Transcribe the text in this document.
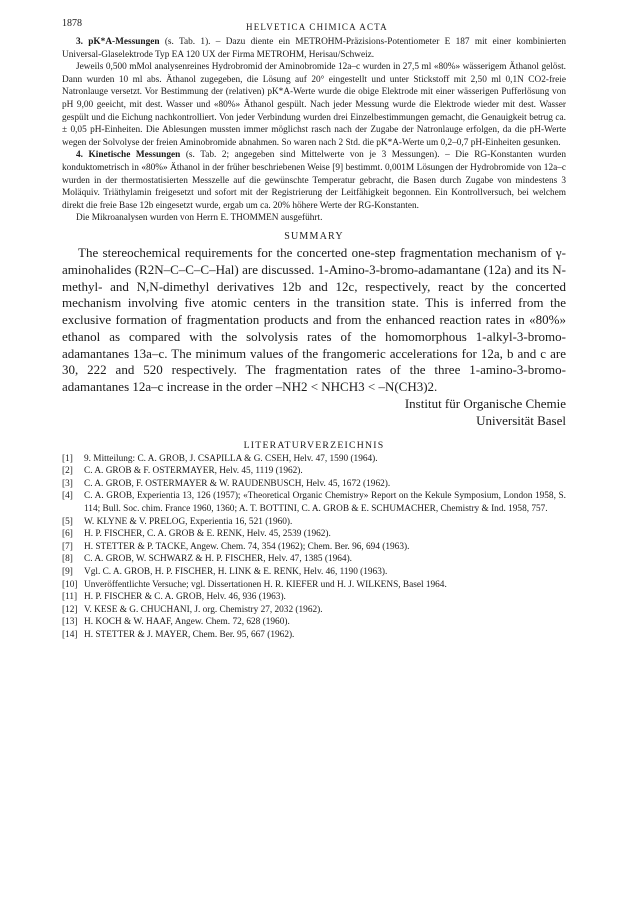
1878	HELVETICA CHIMICA ACTA

3. pK*A-Messungen (s. Tab. 1). – Dazu diente ein METROHM-Präzisions-Potentiometer E 187 mit einer kombinierten Universal-Glaselektrode Typ EA 120 UX der Firma METROHM, Herisau/Schweiz.

Jeweils 0,500 mMol analysenreines Hydrobromid der Aminobromide 12a–c wurden in 27,5 ml «80%» wässerigem Äthanol gelöst. Dann wurden 10 ml abs. Äthanol zugegeben, die Lösung auf 20° eingestellt und unter Stickstoff mit 2,50 ml 0,1N CO2-freie Natronlauge versetzt. Vor Bestimmung der (relativen) pK*A-Werte wurde die obige Elektrode mit einer wässerigen Pufferlösung von pH 9,00 geeicht, mit dest. Wasser und «80%» Äthanol gespült. Nach jeder Messung wurde die Elektrode wieder mit dest. Wasser gespült und die Eichung nachkontrolliert. Von jeder Verbindung wurden drei Einzelbestimmungen gemacht, die Genauigkeit betrug ca. ± 0,05 pH-Einheiten. Die Ablesungen mussten immer möglichst rasch nach der Zugabe der Natronlauge erfolgen, da die pH-Werte wegen der Solvolyse der freien Aminobromide abnahmen. So waren nach 2 Std. die pK*A-Werte um 0,2–0,7 pH-Einheiten gesunken.

4. Kinetische Messungen (s. Tab. 2; angegeben sind Mittelwerte von je 3 Messungen). – Die RG-Konstanten wurden konduktometrisch in «80%» Äthanol in der früher beschriebenen Weise [9] bestimmt. 0,001M Lösungen der Hydrobromide von 12a–c wurden in der thermostatisierten Messzelle auf die gewünschte Temperatur gebracht, die Basen durch Zugabe von mindestens 3 Moläquiv. Triäthylamin freigesetzt und sofort mit der Registrierung der Leitfähigkeit begonnen. Ein Kontrollversuch, bei welchem direkt die freie Base 12b eingesetzt wurde, ergab um ca. 20% höhere Werte der RG-Konstanten.

Die Mikroanalysen wurden von Herrn E. THOMMEN ausgeführt.

SUMMARY

The stereochemical requirements for the concerted one-step fragmentation mechanism of γ-aminohalides (R2N–C–C–C–Hal) are discussed. 1-Amino-3-bromo-adamantane (12a) and its N-methyl- and N,N-dimethyl derivatives 12b and 12c, respectively, react by the concerted mechanism involving five atomic centers in the transition state. This is inferred from the exclusive formation of fragmentation products and from the enhanced reaction rates in «80%» ethanol as compared with the solvolysis rates of the homomorphous 1-alkyl-3-bromo-adamantanes 13a–c. The minimum values of the frangomeric accelerations for 12a, b and c are 30, 222 and 520 respectively. The fragmentation rates of the three 1-amino-3-bromo-adamantanes 12a–c increase in the order –NH2 < NHCH3 < –N(CH3)2.

Institut für Organische Chemie

Universität Basel

LITERATURVERZEICHNIS
[1]	9. Mitteilung: C. A. GROB, J. CSAPILLA & G. CSEH, Helv. 47, 1590 (1964).
[2]	C. A. GROB & F. OSTERMAYER, Helv. 45, 1119 (1962).
[3]	C. A. GROB, F. OSTERMAYER & W. RAUDENBUSCH, Helv. 45, 1672 (1962).
[4]	C. A. GROB, Experientia 13, 126 (1957); «Theoretical Organic Chemistry» Report on the Kekule Symposium, London 1958, S. 114; Bull. Soc. chim. France 1960, 1360; A. T. BOTTINI, C. A. GROB & E. SCHUMACHER, Chemistry & Ind. 1958, 757.
[5]	W. KLYNE & V. PRELOG, Experientia 16, 521 (1960).
[6]	H. P. FISCHER, C. A. GROB & E. RENK, Helv. 45, 2539 (1962).
[7]	H. STETTER & P. TACKE, Angew. Chem. 74, 354 (1962); Chem. Ber. 96, 694 (1963).
[8]	C. A. GROB, W. SCHWARZ & H. P. FISCHER, Helv. 47, 1385 (1964).
[9]	Vgl. C. A. GROB, H. P. FISCHER, H. LINK & E. RENK, Helv. 46, 1190 (1963).
[10] Unveröffentlichte Versuche; vgl. Dissertationen H. R. KIEFER und H. J. WILKENS, Basel 1964.
[11] H. P. FISCHER & C. A. GROB, Helv. 46, 936 (1963).
[12] V. KESE & G. CHUCHANI, J. org. Chemistry 27, 2032 (1962).
[13] H. KOCH & W. HAAF, Angew. Chem. 72, 628 (1960).
[14] H. STETTER & J. MAYER, Chem. Ber. 95, 667 (1962).
